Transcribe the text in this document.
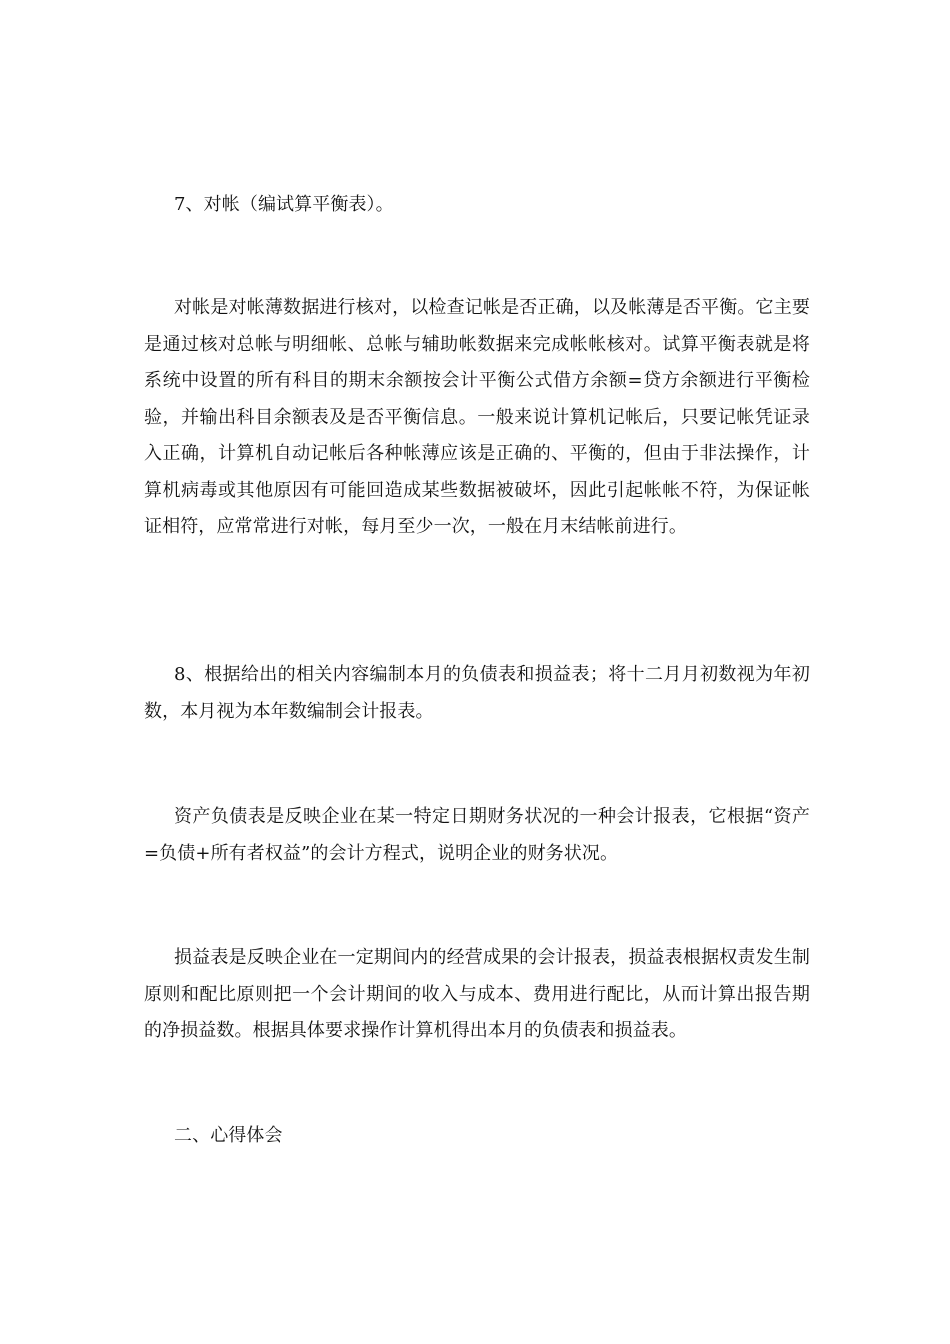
7、对帐（编试算平衡表）。

对帐是对帐薄数据进行核对，以检查记帐是否正确，以及帐薄是否平衡。它主要是通过核对总帐与明细帐、总帐与辅助帐数据来完成帐帐核对。试算平衡表就是将系统中设置的所有科目的期末余额按会计平衡公式借方余额=贷方余额进行平衡检验，并输出科目余额表及是否平衡信息。一般来说计算机记帐后，只要记帐凭证录入正确，计算机自动记帐后各种帐薄应该是正确的、平衡的，但由于非法操作，计算机病毒或其他原因有可能回造成某些数据被破坏，因此引起帐帐不符，为保证帐证相符，应常常进行对帐，每月至少一次，一般在月末结帐前进行。

8、根据给出的相关内容编制本月的负债表和损益表；将十二月月初数视为年初数，本月视为本年数编制会计报表。

资产负债表是反映企业在某一特定日期财务状况的一种会计报表，它根据“资产=负债+所有者权益”的会计方程式，说明企业的财务状况。

损益表是反映企业在一定期间内的经营成果的会计报表，损益表根据权责发生制原则和配比原则把一个会计期间的收入与成本、费用进行配比，从而计算出报告期的净损益数。根据具体要求操作计算机得出本月的负债表和损益表。

二、心得体会
